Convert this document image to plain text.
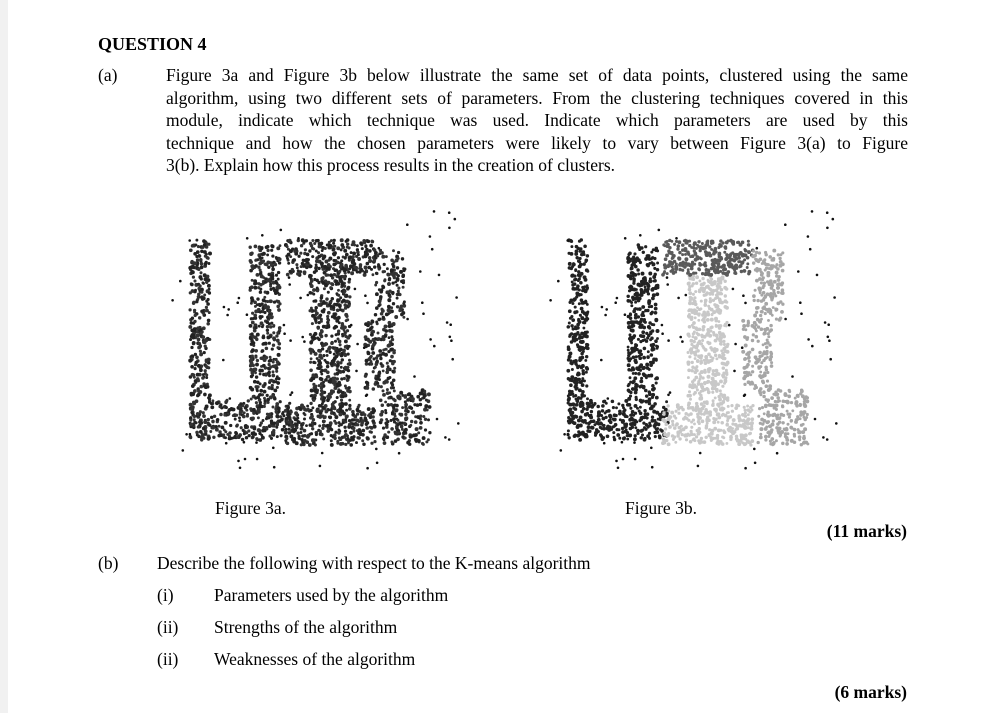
QUESTION 4

(a)	Figure 3a and Figure 3b below illustrate the same set of data points, clustered using the same
algorithm, using two different sets of parameters. From the clustering techniques covered in this
module, indicate which technique was used. Indicate which parameters are used by this
technique and how the chosen parameters were likely to vary between Figure 3(a) to Figure
3(b). Explain how this process results in the creation of clusters.

Figure 3a.	Figure 3b.

(11 marks)

(b) Describe the following with respect to the K-means algorithm

(i) Parameters used by the algorithm

(ii) Strengths of the algorithm

(ii) Weaknesses of the algorithm

(6 marks)
